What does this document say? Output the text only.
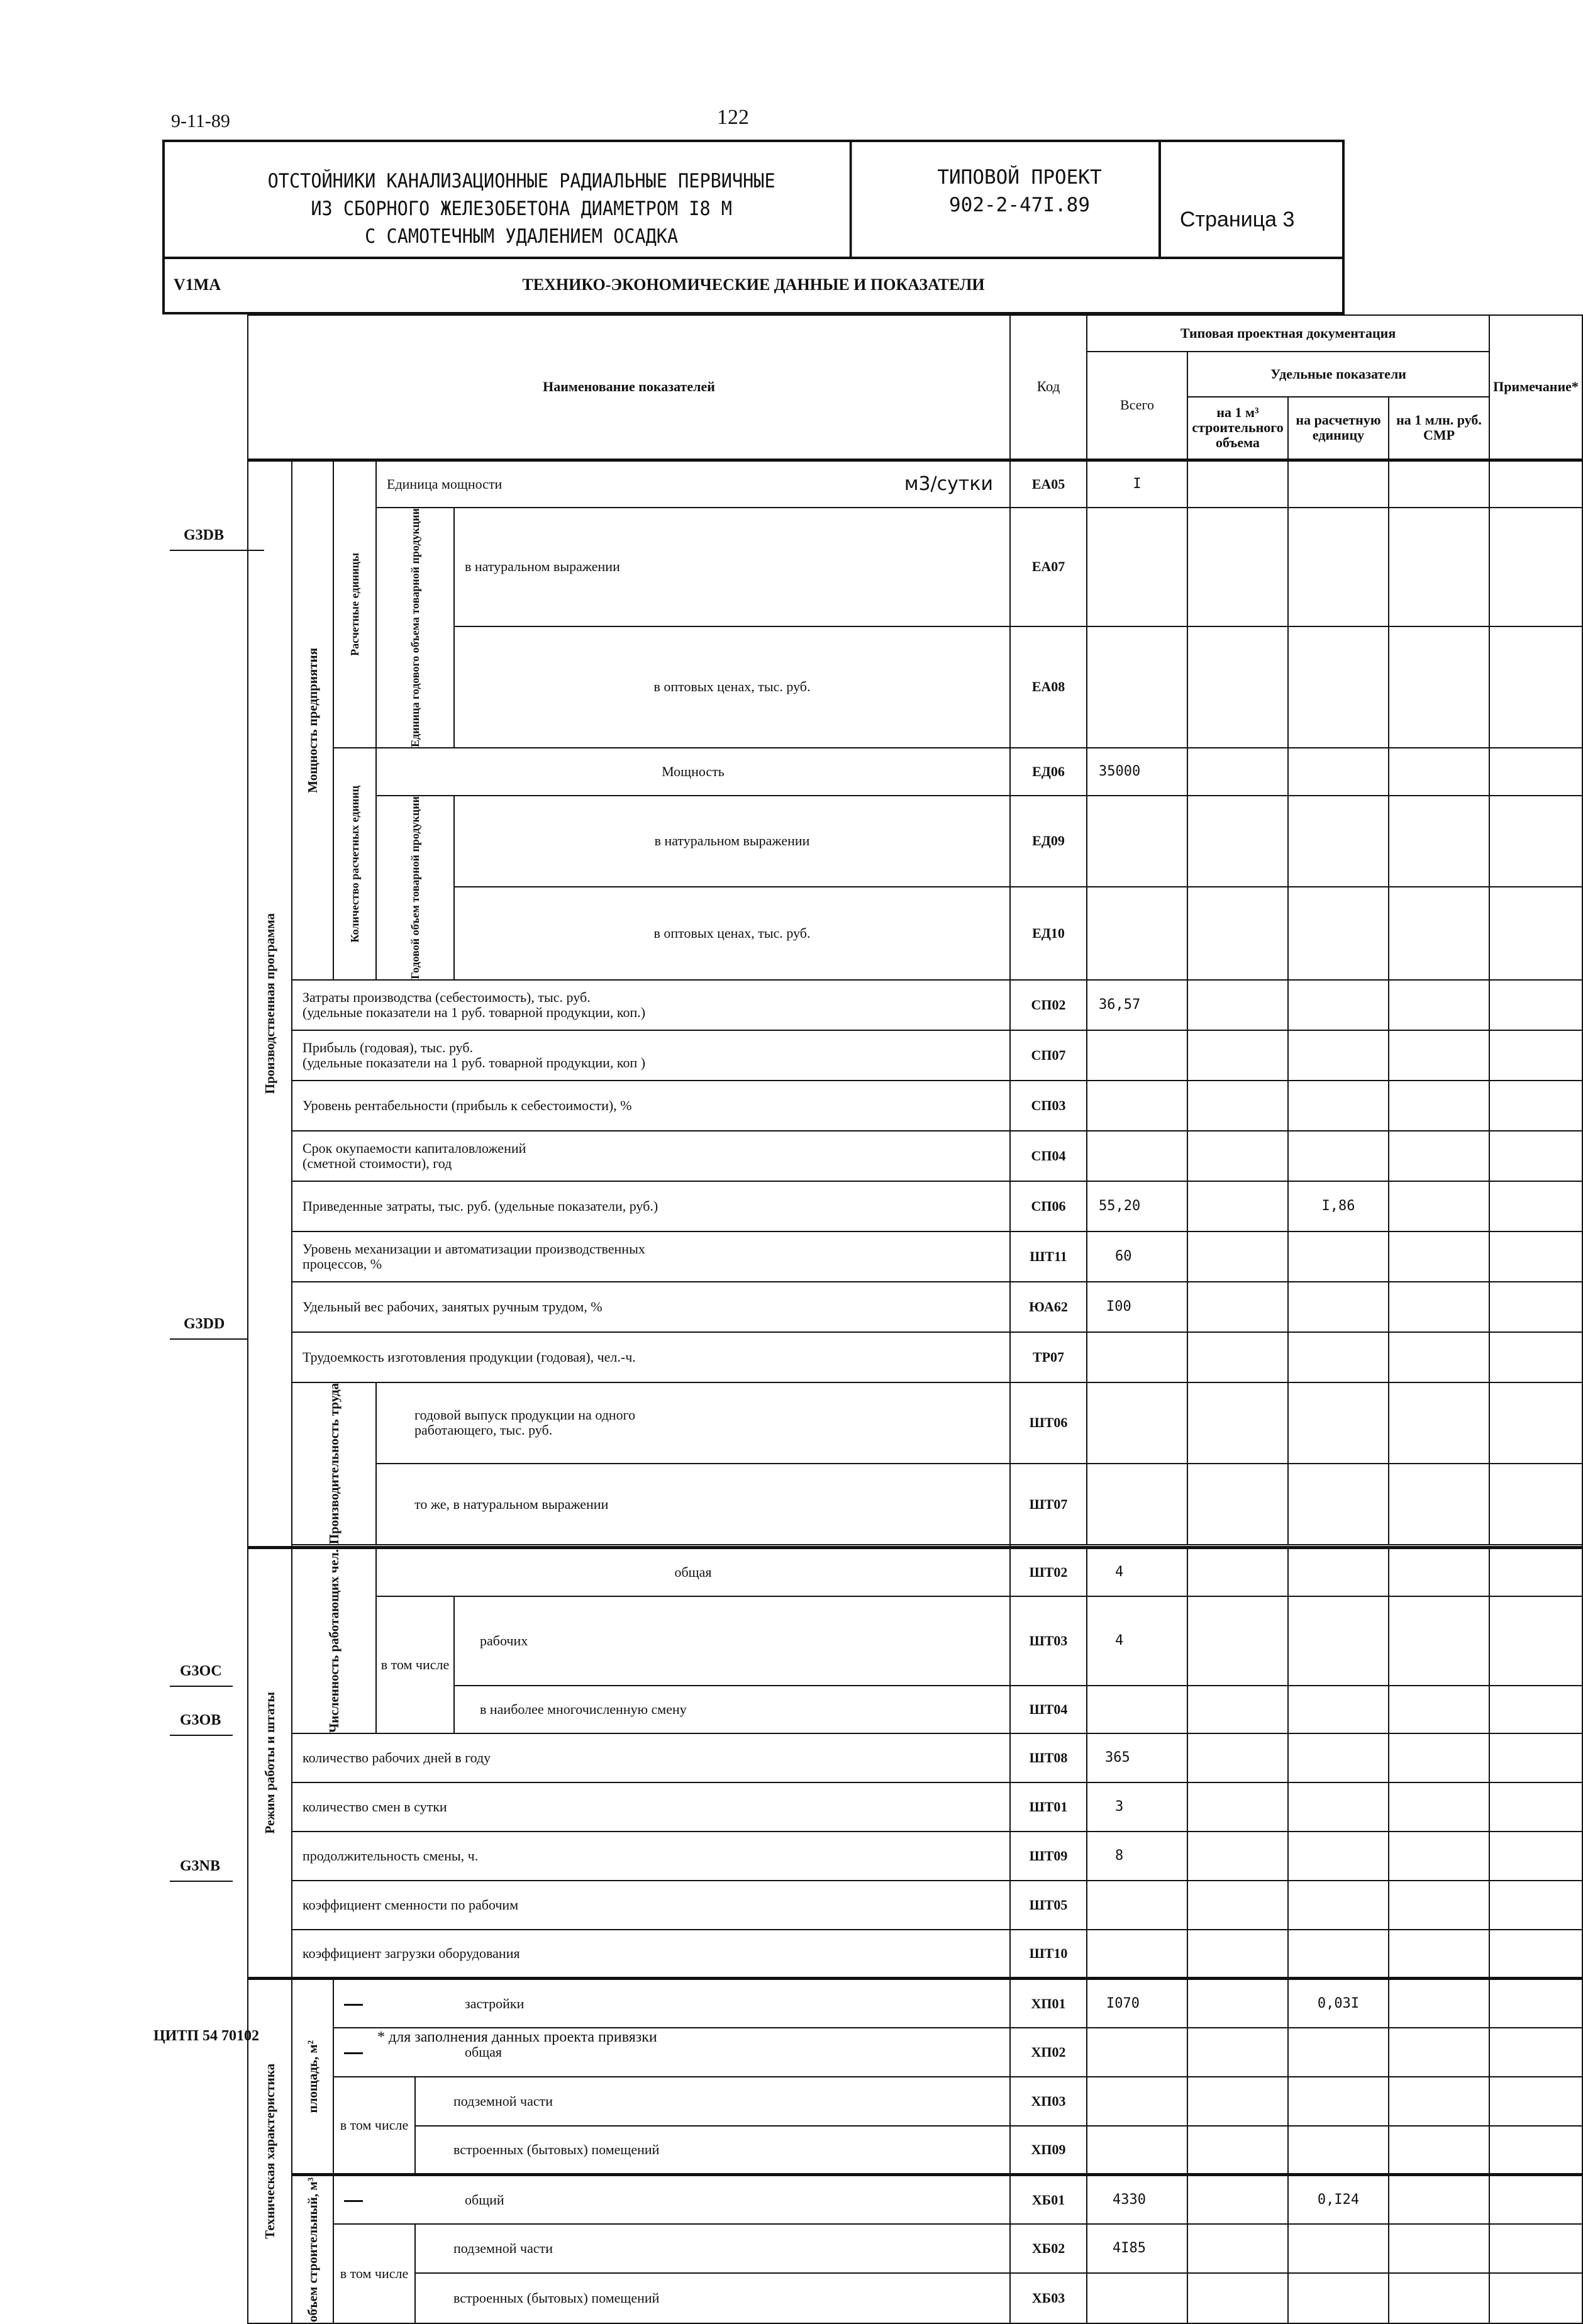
9-11-89	122
ОТСТОЙНИКИ КАНАЛИЗАЦИОННЫЕ РАДИАЛЬНЫЕ ПЕРВИЧНЫЕ
ИЗ СБОРНОГО ЖЕЛЕЗОБЕТОНА ДИАМЕТРОМ I8 М
С САМОТЕЧНЫМ УДАЛЕНИЕМ ОСАДКА
ТИПОВОЙ ПРОЕКТ
902-2-47I.89
Страница 3
V1MA	ТЕХНИКО-ЭКОНОМИЧЕСКИЕ ДАННЫЕ И ПОКАЗАТЕЛИ
G3DB
G3DD
G3OC
G3OB
G3NB
Наименование показателей						Код	Типовая проектная документация				Примечание*
							Всего	Удельные показатели			
								на 1 м³ строительного объема	на расчетную единицу	на 1 млн. руб. СМР	

Производственная программа	Мощность предприятия	Расчетные единицы	Единица мощности м3/сутки			ЕА05	I				

			Единица годового объема товарной продукции		в натуральном выражении	ЕА07					
					в оптовых ценах, тыс. руб.	ЕА08					

		Количество расчетных единиц	Мощность			ЕД06	35000				

			Годовой объем товарной продукции		в натуральном выражении	ЕД09					
					в оптовых ценах, тыс. руб.	ЕД10					

	Затраты производства (себестоимость), тыс. руб.
(удельные показатели на 1 руб. товарной продукции, коп.)					СП02	36,57				

	Прибыль (годовая), тыс. руб.
(удельные показатели на 1 руб. товарной продукции, коп )					СП07					
	Уровень рентабельности (прибыль к себестоимости), %					СП03					

	Срок окупаемости капиталовложений
(сметной стоимости), год					СП04					
	Приведенные затраты, тыс. руб. (удельные показатели, руб.)					СП06	55,20		I,86		

	Уровень механизации и автоматизации производственных
процессов, %					ШТ11	60				
	Удельный вес рабочих, занятых ручным трудом, %					ЮА62	I00				
	Трудоемкость изготовления продукции (годовая), чел.-ч.					ТР07					

	Производительность труда		годовой выпуск продукции на одного
работающего, тыс. руб.			ШТ06					
			то же, в натуральном выражении			ШТ07					

Режим работы и штаты	Численность работающих чел.		общая			ШТ02	4				
			в том числе		рабочих	ШТ03	4				
					в наиболее многочисленную смену	ШТ04					
	количество рабочих дней в году					ШТ08	365				
	количество смен в сутки					ШТ01	3				
	продолжительность смены, ч.					ШТ09	8				
	коэффициент сменности по рабочим					ШТ05					
	коэффициент загрузки оборудования					ШТ10					

Техническая характеристика	площадь, м²	застройки				ХП01	I070		0,03I		
		общая				ХП02					
		в том числе		подземной части		ХП03					
				встроенных (бытовых) помещений		ХП09					

	объем строительный, м³	общий				ХБ01	4330		0,I24		
		в том числе		подземной части		ХБ02	4I85				
				встроенных (бытовых) помещений		ХБ03					
ЦИТП 54 70102	* для заполнения данных проекта привязки
